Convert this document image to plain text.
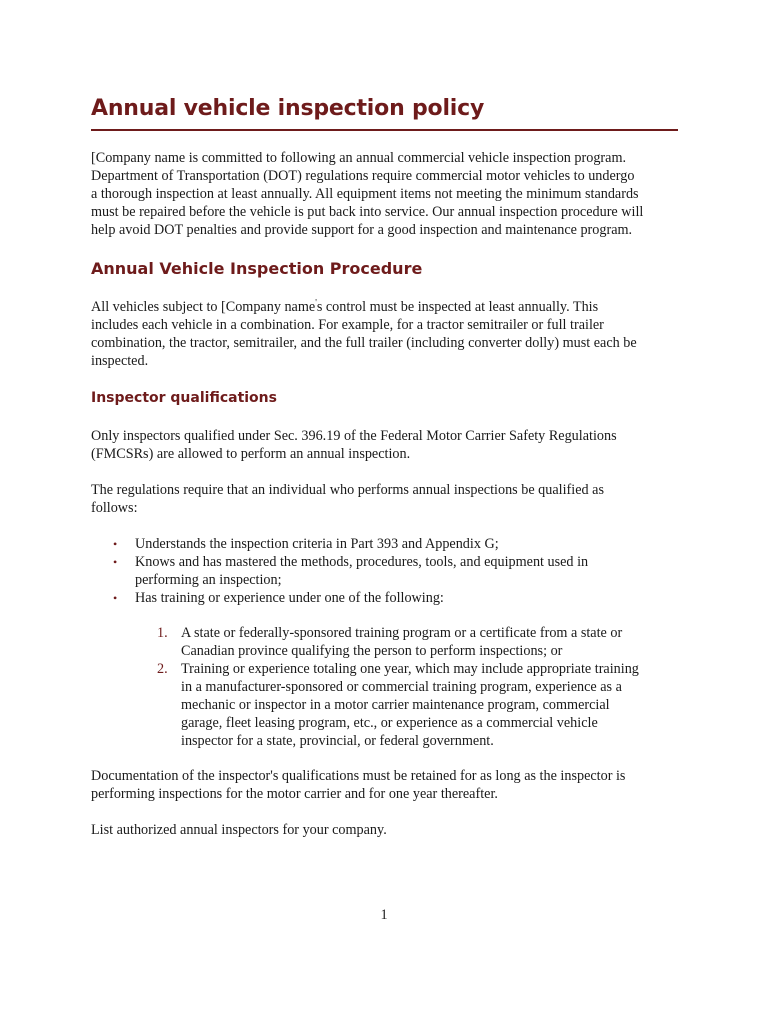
Annual vehicle inspection policy

[Company name is committed to following an annual commercial vehicle inspection program.
Department of Transportation (DOT) regulations require commercial motor vehicles to undergo
a thorough inspection at least annually. All equipment items not meeting the minimum standards
must be repaired before the vehicle is put back into service. Our annual inspection procedure will
help avoid DOT penalties and provide support for a good inspection and maintenance program.

Annual Vehicle Inspection Procedure

All vehicles subject to [Company name's control must be inspected at least annually. This
includes each vehicle in a combination. For example, for a tractor semitrailer or full trailer
combination, the tractor, semitrailer, and the full trailer (including converter dolly) must each be
inspected.

Inspector qualifications

Only inspectors qualified under Sec. 396.19 of the Federal Motor Carrier Safety Regulations
(FMCSRs) are allowed to perform an annual inspection.

The regulations require that an individual who performs annual inspections be qualified as
follows:

• Understands the inspection criteria in Part 393 and Appendix G;
• Knows and has mastered the methods, procedures, tools, and equipment used in
performing an inspection;
• Has training or experience under one of the following:
1. A state or federally-sponsored training program or a certificate from a state or
Canadian province qualifying the person to perform inspections; or
2. Training or experience totaling one year, which may include appropriate training
in a manufacturer-sponsored or commercial training program, experience as a
mechanic or inspector in a motor carrier maintenance program, commercial
garage, fleet leasing program, etc., or experience as a commercial vehicle
inspector for a state, provincial, or federal government.

Documentation of the inspector's qualifications must be retained for as long as the inspector is
performing inspections for the motor carrier and for one year thereafter.

List authorized annual inspectors for your company.

1
